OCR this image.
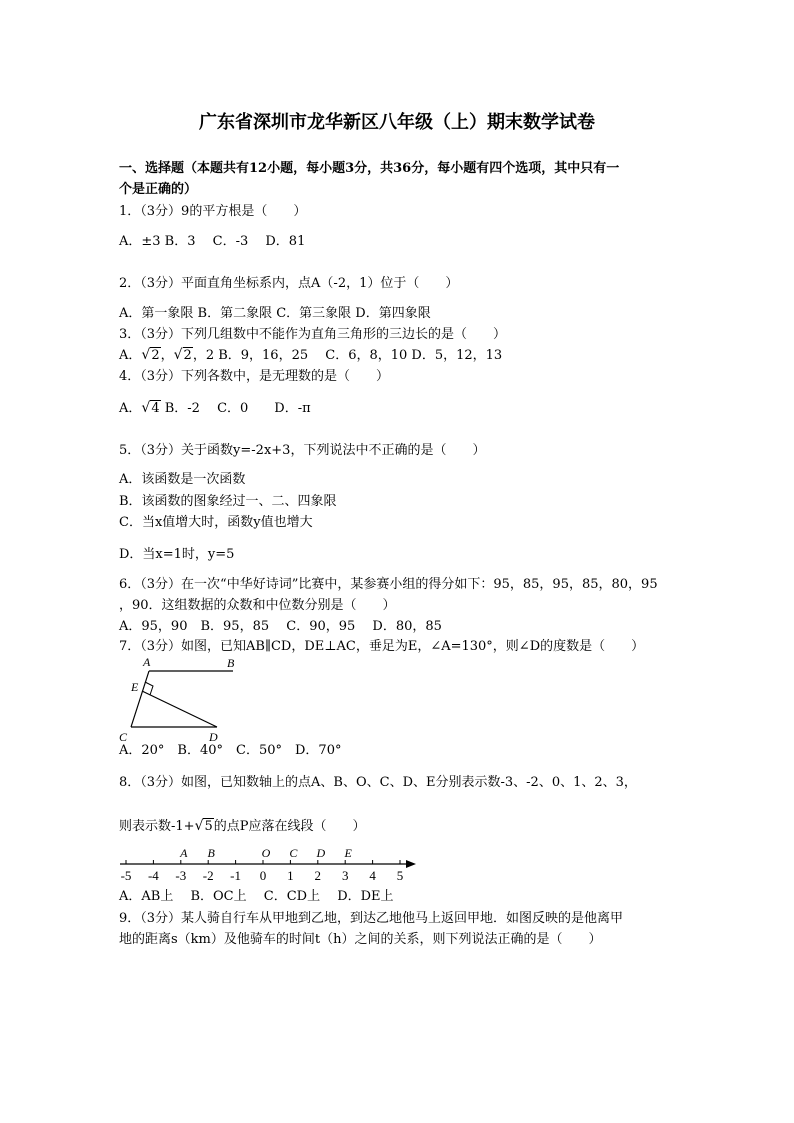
广东省深圳市龙华新区八年级（上）期末数学试卷
一、选择题（本题共有12小题，每小题3分，共36分，每小题有四个选项，其中只有一
个是正确的）
1．（3分）9的平方根是（　　）
A．±3 B．3　 C．-3　 D．81
2．（3分）平面直角坐标系内，点A（-2，1）位于（　　）
A．第一象限 B．第二象限 C．第三象限 D．第四象限
3．（3分）下列几组数中不能作为直角三角形的三边长的是（　　）
A．√2，√2，2 B．9，16，25　 C．6，8，10 D．5，12，13
4．（3分）下列各数中，是无理数的是（　　）
A．√4 B．-2　 C．0　　D．-π
5．（3分）关于函数y=-2x+3，下列说法中不正确的是（　　）
A．该函数是一次函数
B．该函数的图象经过一、二、四象限
C．当x值增大时，函数y值也增大
D．当x=1时，y=5
6．（3分）在一次“中华好诗词”比赛中，某参赛小组的得分如下：95，85，95，85，80，95
，90．这组数据的众数和中位数分别是（　　）
A．95，90　B．95，85　 C．90，95　 D．80，85
7．（3分）如图，已知AB∥CD，DE⊥AC，垂足为E，∠A=130°，则∠D的度数是（　　）
A	B
E
C	D
A．20°　B．40°　C．50°　D．70°
8．（3分）如图，已知数轴上的点A、B、O、C、D、E分别表示数-3、-2、0、1、2、3，
则表示数-1+√5的点P应落在线段（　　）
-5 -4 -3 -2 -1 0 1 2 3 4 5
A B	O C D E
A．AB上　 B．OC上　 C．CD上　 D．DE上
9．（3分）某人骑自行车从甲地到乙地，到达乙地他马上返回甲地．如图反映的是他离甲
地的距离s（km）及他骑车的时间t（h）之间的关系，则下列说法正确的是（　　）
